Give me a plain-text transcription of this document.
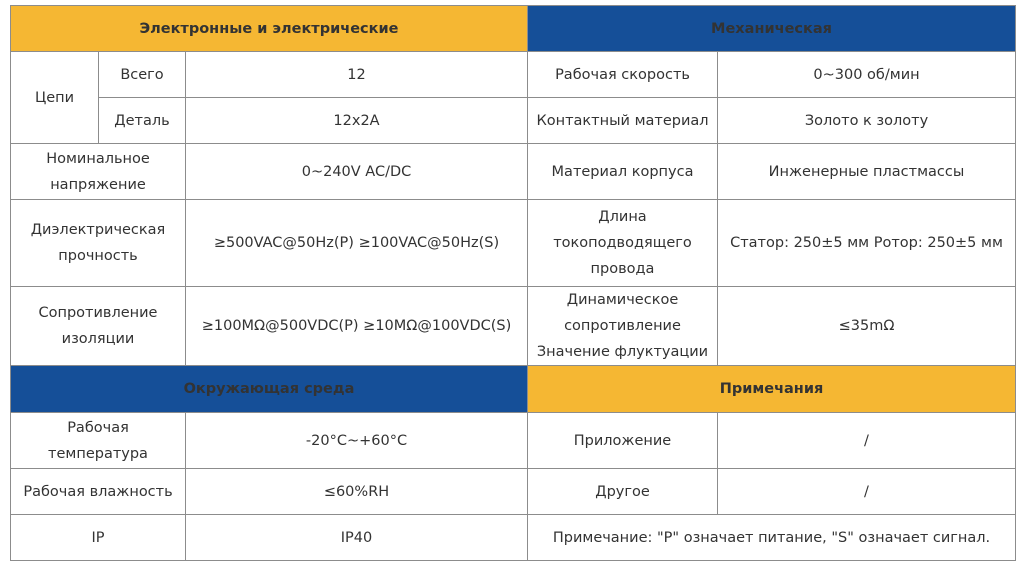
Электронные и электрические			Механическая	
Цепи	Всего	12	Рабочая скорость	0~300 об/мин
	Деталь	12x2A	Контактный материал	Золото к золоту
Номинальное напряжение		0~240V AC/DC	Материал корпуса	Инженерные пластмассы
Диэлектрическая прочность		≥500VAC@50Hz(P) ≥100VAC@50Hz(S)	Длина токоподводящего провода	Статор: 250±5 мм Ротор: 250±5 мм
Сопротивление изоляции		≥100MΩ@500VDC(P) ≥10MΩ@100VDC(S)	Динамическое сопротивление Значение флуктуации	≤35mΩ
Окружающая среда			Примечания	
Рабочая температура		-20°C~+60°C	Приложение	/
Рабочая влажность		≤60%RH	Другое	/
IP		IP40	Примечание: "P" означает питание, "S" означает сигнал.	
